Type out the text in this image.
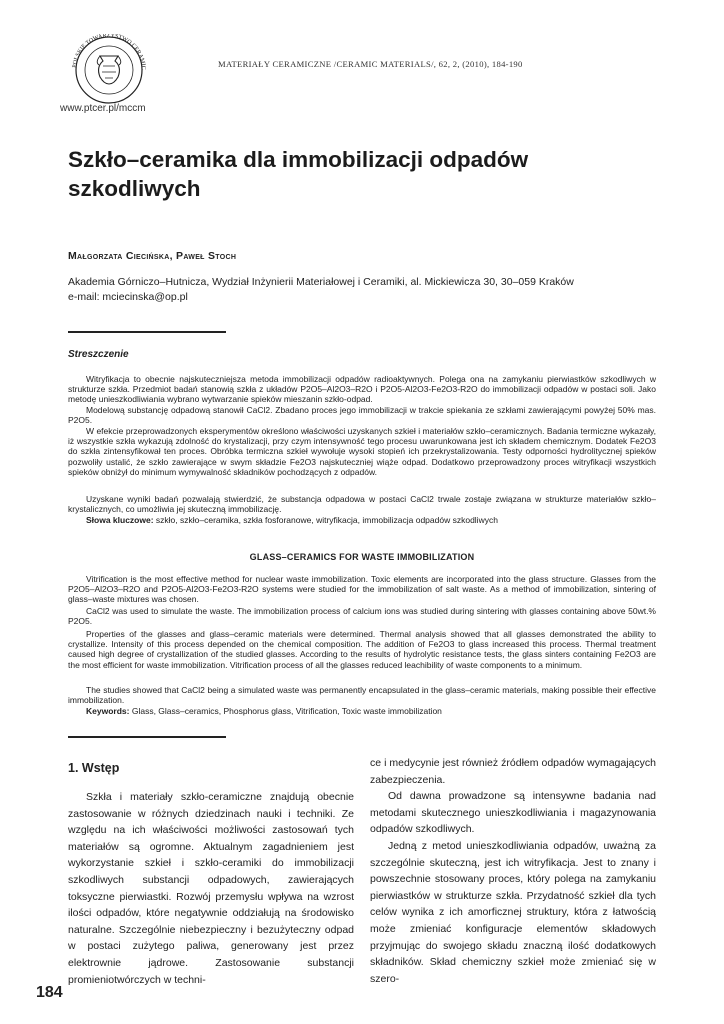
POLSKIE TOWARZYSTWO CERAMIC
www.ptcer.pl/mccm
MATERIAŁY CERAMICZNE /CERAMIC MATERIALS/, 62, 2, (2010), 184-190
Szkło–ceramika dla immobilizacji odpadów szkodliwych
Małgorzata Ciecińska, Paweł Stoch
Akademia Górniczo–Hutnicza, Wydział Inżynierii Materiałowej i Ceramiki, al. Mickiewicza 30, 30–059 Kraków
e-mail: mciecinska@op.pl
Streszczenie
Witryfikacja to obecnie najskuteczniejsza metoda immobilizacji odpadów radioaktywnych. Polega ona na zamykaniu pierwiastków szkodliwych w strukturze szkła. Przedmiot badań stanowią szkła z układów P2O5–Al2O3–R2O i P2O5-Al2O3-Fe2O3-R2O do immobilizacji odpadów w postaci soli. Jako metodę unieszkodliwiania wybrano wytwarzanie spieków mieszanin szkło-odpad.
Modelową substancję odpadową stanowił CaCl2. Zbadano proces jego immobilizacji w trakcie spiekania ze szkłami zawierającymi powyżej 50% mas. P2O5.
W efekcie przeprowadzonych eksperymentów określono właściwości uzyskanych szkieł i materiałów szkło–ceramicznych. Badania termiczne wykazały, iż wszystkie szkła wykazują zdolność do krystalizacji, przy czym intensywność tego procesu uwarunkowana jest ich składem chemicznym. Dodatek Fe2O3 do szkła zintensyfikował ten proces. Obróbka termiczna szkieł wywołuje wysoki stopień ich przekrystalizowania. Testy odporności hydrolitycznej spieków pozwoliły ustalić, że szkło zawierające w swym składzie Fe2O3 najskuteczniej wiąże odpad. Dodatkowo przeprowadzony proces witryfikacji wszystkich spieków obniżył do minimum wymywalność składników pochodzących z odpadów.
Uzyskane wyniki badań pozwalają stwierdzić, że substancja odpadowa w postaci CaCl2 trwale zostaje związana w strukturze materiałów szkło–krystalicznych, co umożliwia jej skuteczną immobilizację.
Słowa kluczowe: szkło, szkło–ceramika, szkła fosforanowe, witryfikacja, immobilizacja odpadów szkodliwych
GLASS–CERAMICS FOR WASTE IMMOBILIZATION
Vitrification is the most effective method for nuclear waste immobilization. Toxic elements are incorporated into the glass structure. Glasses from the P2O5–Al2O3–R2O and P2O5-Al2O3-Fe2O3-R2O systems were studied for the immobilization of salt waste. As a method of immobilization, sintering of glass–waste mixtures was chosen.
CaCl2 was used to simulate the waste. The immobilization process of calcium ions was studied during sintering with glasses containing above 50wt.% P2O5.
Properties of the glasses and glass–ceramic materials were determined. Thermal analysis showed that all glasses demonstrated the ability to crystallize. Intensity of this process depended on the chemical composition. The addition of Fe2O3 to glass increased this process. Thermal treatment caused high degree of crystallization of the studied glasses. According to the results of hydrolytic resistance tests, the glass sinters containing Fe2O3 are the most efficient for waste immobilization. Vitrification process of all the glasses reduced leachibility of waste components to a minimum.
The studies showed that CaCl2 being a simulated waste was permanently encapsulated in the glass–ceramic materials, making possible their effective immobilization.
Keywords: Glass, Glass–ceramics, Phosphorus glass, Vitrification, Toxic waste immobilization
1. Wstęp
Szkła i materiały szkło-ceramiczne znajdują obecnie zastosowanie w różnych dziedzinach nauki i techniki. Ze względu na ich właściwości możliwości zastosowań tych materiałów są ogromne. Aktualnym zagadnieniem jest wykorzystanie szkieł i szkło-ceramiki do immobilizacji szkodliwych substancji odpadowych, zawierających toksyczne pierwiastki. Rozwój przemysłu wpływa na wzrost ilości odpadów, które negatywnie oddziałują na środowisko naturalne. Szczególnie niebezpieczny i bezużyteczny odpad w postaci zużytego paliwa, generowany jest przez elektrownie jądrowe. Zastosowanie substancji promieniotwórczych w techni-
ce i medycynie jest również źródłem odpadów wymagających zabezpieczenia.
Od dawna prowadzone są intensywne badania nad metodami skutecznego unieszkodliwiania i magazynowania odpadów szkodliwych.
Jedną z metod unieszkodliwiania odpadów, uważną za szczególnie skuteczną, jest ich witryfikacja. Jest to znany i powszechnie stosowany proces, który polega na zamykaniu pierwiastków w strukturze szkła. Przydatność szkieł dla tych celów wynika z ich amorficznej struktury, która z łatwością może zmieniać konfiguracje elementów składowych przyjmując do swojego składu znaczną ilość dodatkowych składników. Skład chemiczny szkieł może zmieniać się w szero-
184
